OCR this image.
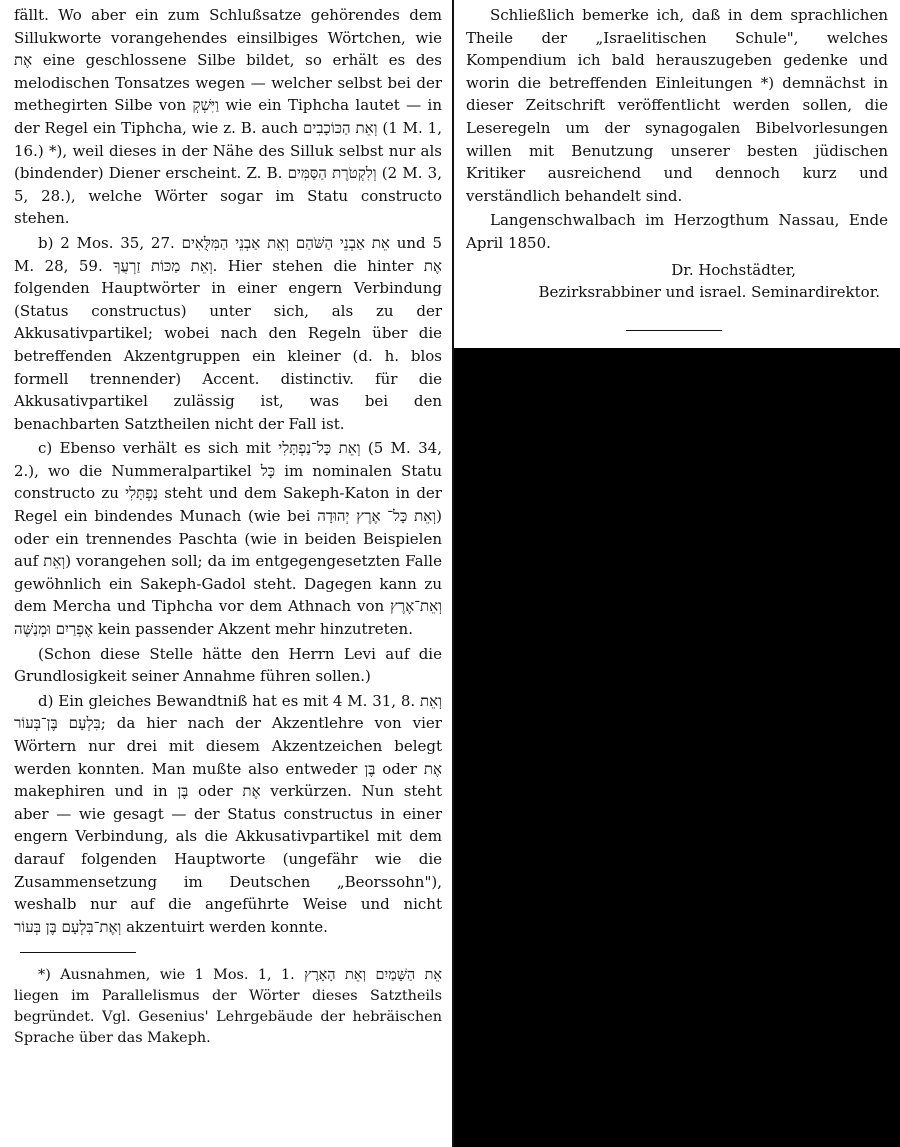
fällt. Wo aber ein zum Schlußsatze gehörendes dem Sillukworte vorangehendes einsilbiges Wörtchen, wie אֶת eine geschlossene Silbe bildet, so erhält es des melodischen Tonsatzes wegen — welcher selbst bei der methegirten Silbe von וַיִּשְׁקְ wie ein Tiphcha lautet — in der Regel ein Tiphcha, wie z. B. auch וְאֵת הַכּוֹכָבִים (1 M. 1, 16.) *), weil dieses in der Nähe des Silluk selbst nur als (bindender) Diener erscheint. Z. B. וְלִקְטֹרֶת הַסַּמִּים (2 M. 3, 5, 28.), welche Wörter sogar im Statu constructo stehen.

b) 2 Mos. 35, 27. אֵת אַבְנֵי הַשֹּׁהַם וְאֵת אַבְנֵי הַמִּלֻּאִים und 5 M. 28, 59. וְאֵת מַכּוֹת זַרְעֲךָ. Hier stehen die hinter אֶת folgenden Hauptwörter in einer engern Verbindung (Status constructus) unter sich, als zu der Akkusativpartikel; wobei nach den Regeln über die betreffenden Akzentgruppen ein kleiner (d. h. blos formell trennender) Accent. distinctiv. für die Akkusativpartikel zulässig ist, was bei den benachbarten Satztheilen nicht der Fall ist.

c) Ebenso verhält es sich mit וְאֵת כָּל־נַפְתָּלִי (5 M. 34, 2.), wo die Nummeralpartikel כָּל im nominalen Statu constructo zu נַפְתָּלִי steht und dem Sakeph-Katon in der Regel ein bindendes Munach (wie bei וְאֵת כָּל־ אֶרֶץ יְהוּדָה) oder ein trennendes Paschta (wie in beiden Beispielen auf וְאֵת) vorangehen soll; da im entgegengesetzten Falle gewöhnlich ein Sakeph-Gadol steht. Dagegen kann zu dem Mercha und Tiphcha vor dem Athnach von וְאֵת־אֶרֶץ אֶפְרַיִם וּמְנַשֶּׁה kein passender Akzent mehr hinzutreten.

(Schon diese Stelle hätte den Herrn Levi auf die Grundlosigkeit seiner Annahme führen sollen.)

d) Ein gleiches Bewandtniß hat es mit 4 M. 31, 8. וְאֵת בִּלְעָם בֶּן־בְּעוֹר; da hier nach der Akzentlehre von vier Wörtern nur drei mit diesem Akzentzeichen belegt werden konnten. Man mußte also entweder בֶּן oder אֶת makephiren und in בֶּן oder אֶת verkürzen. Nun steht aber — wie gesagt — der Status constructus in einer engern Verbindung, als die Akkusativpartikel mit dem darauf folgenden Hauptworte (ungefähr wie die Zusammensetzung im Deutschen „Beorssohn"), weshalb nur auf die angeführte Weise und nicht וְאֶת־בִּלְעָם בֶּן בְּעוֹר akzentuirt werden konnte.

*) Ausnahmen, wie 1 Mos. 1, 1. אֵת הַשָּׁמַיִם וְאֵת הָאָרֶץ liegen im Parallelismus der Wörter dieses Satztheils begründet. Vgl. Gesenius' Lehrgebäude der hebräischen Sprache über das Makeph.

Schließlich bemerke ich, daß in dem sprachlichen Theile der „Israelitischen Schule", welches Kompendium ich bald herauszugeben gedenke und worin die betreffenden Einleitungen *) demnächst in dieser Zeitschrift veröffentlicht werden sollen, die Leseregeln um der synagogalen Bibelvorlesungen willen mit Benutzung unserer besten jüdischen Kritiker ausreichend und dennoch kurz und verständlich behandelt sind.

Langenschwalbach im Herzogthum Nassau, Ende April 1850.

Dr. Hochstädter,

Bezirksrabbiner und israel. Seminardirektor.
